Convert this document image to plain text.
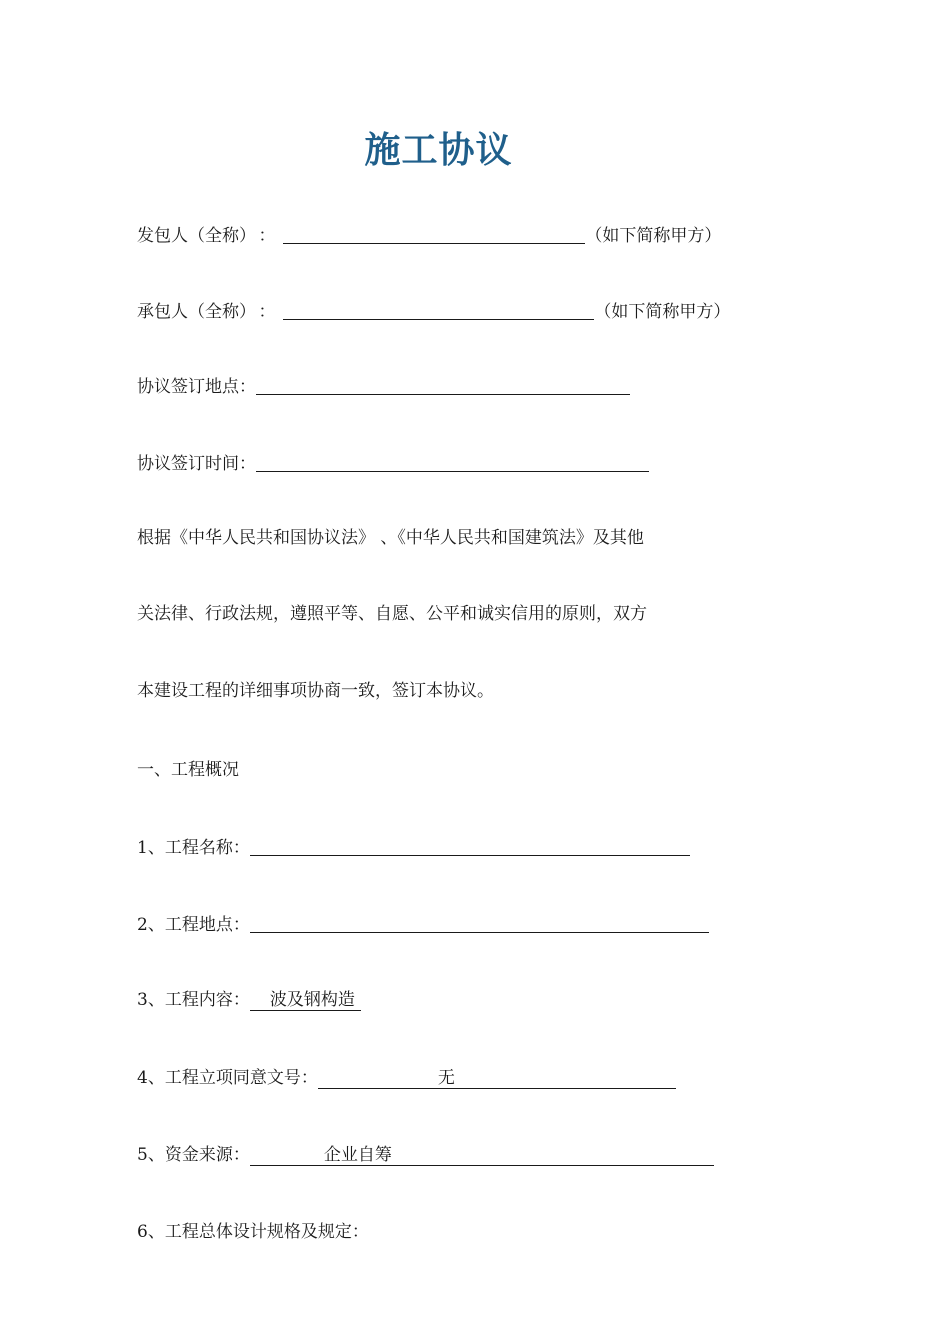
施工协议
发包人（全称） ：	（如下简称甲方）
承包人（全称） ：	（如下简称甲方）
协议签订地点：
协议签订时间：
根据《中华人民共和国协议法》 、《中华人民共和国建筑法》及其他
关法律、行政法规，遵照平等、自愿、公平和诚实信用的原则，双方
本建设工程的详细事项协商一致，签订本协议。
一、工程概况
1、工程名称：
2、工程地点：
3、工程内容： 波及钢构造
4、工程立项同意文号：	无
5、资金来源：	企业自筹
6、工程总体设计规格及规定：
